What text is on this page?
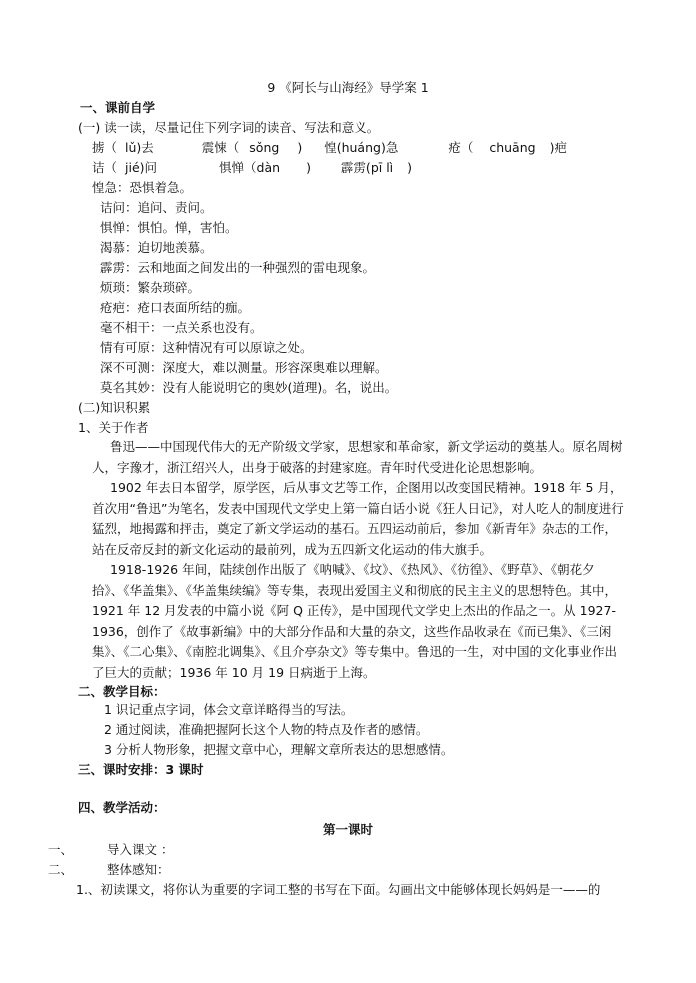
9 《阿长与山海经》导学案 1
一、课前自学
(一) 读一读，尽量记住下列字词的读音、写法和意义。
掳（ lǔ)去	震悚（ sǒng ) 惶(huáng)急	疮（ chuāng )疤
诘（ jié)问	惧惮（dàn ) 霹雳(pī lì )
惶急：恐惧着急。
诘问：追问、责问。
惧惮：惧怕。惮，害怕。
渴慕：迫切地羡慕。
霹雳：云和地面之间发出的一种强烈的雷电现象。
烦琐：繁杂琐碎。
疮疤：疮口表面所结的痂。
毫不相干：一点关系也没有。
情有可原：这种情况有可以原谅之处。
深不可测：深度大，难以测量。形容深奥难以理解。
莫名其妙：没有人能说明它的奥妙(道理)。名，说出。
(二)知识积累
1、关于作者

鲁迅——中国现代伟大的无产阶级文学家，思想家和革命家，新文学运动的奠基人。原名周树人，字豫才，浙江绍兴人，出身于破落的封建家庭。青年时代受进化论思想影响。

1902 年去日本留学，原学医，后从事文艺等工作，企图用以改变国民精神。1918 年 5 月，首次用“鲁迅”为笔名，发表中国现代文学史上第一篇白话小说《狂人日记》，对人吃人的制度进行猛烈，地揭露和抨击，奠定了新文学运动的基石。五四运动前后，参加《新青年》杂志的工作，站在反帝反封的新文化运动的最前列，成为五四新文化运动的伟大旗手。

1918-1926 年间，陆续创作出版了《呐喊》、《坟》、《热风》、《彷徨》、《野草》、《朝花夕拾》、《华盖集》、《华盖集续编》等专集，表现出爱国主义和彻底的民主主义的思想特色。其中，1921 年 12 月发表的中篇小说《阿 Q 正传》，是中国现代文学史上杰出的作品之一。从 1927-1936，创作了《故事新编》中的大部分作品和大量的杂文，这些作品收录在《而已集》、《三闲集》、《二心集》、《南腔北调集》、《且介亭杂文》等专集中。鲁迅的一生，对中国的文化事业作出了巨大的贡献；1936 年 10 月 19 日病逝于上海。

二、教学目标：
1 识记重点字词，体会文章详略得当的写法。
2 通过阅读，准确把握阿长这个人物的特点及作者的感情。
3 分析人物形象，把握文章中心，理解文章所表达的思想感情。
三、课时安排：3 课时
四、教学活动：
第一课时
一、	导入课文 ：
二、	整体感知：
1.、初读课文，将你认为重要的字词工整的书写在下面。勾画出文中能够体现长妈妈是一——的
